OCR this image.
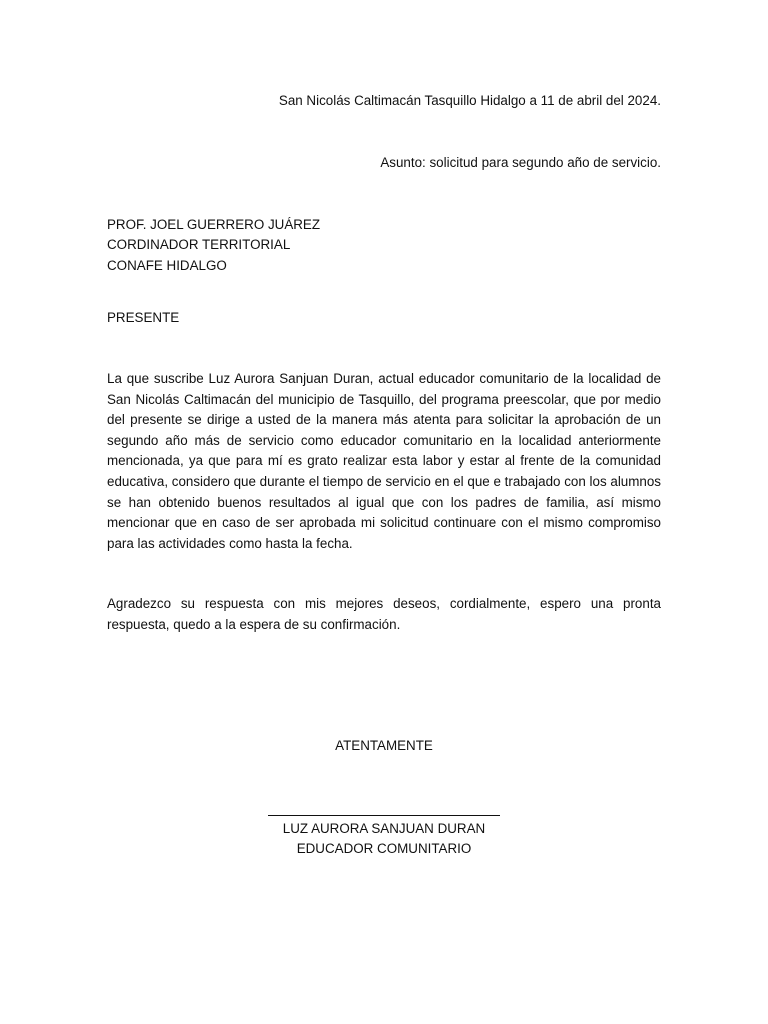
San Nicolás Caltimacán Tasquillo Hidalgo a 11 de abril del 2024.
Asunto: solicitud para segundo año de servicio.
PROF. JOEL GUERRERO JUÁREZ
CORDINADOR TERRITORIAL
CONAFE HIDALGO
PRESENTE
La que suscribe Luz Aurora Sanjuan Duran, actual educador comunitario de la localidad de San Nicolás Caltimacán del municipio de Tasquillo, del programa preescolar, que por medio del presente se dirige a usted de la manera más atenta para solicitar la aprobación de un segundo año más de servicio como educador comunitario en la localidad anteriormente mencionada, ya que para mí es grato realizar esta labor y estar al frente de la comunidad educativa, considero que durante el tiempo de servicio en el que e trabajado con los alumnos se han obtenido buenos resultados al igual que con los padres de familia, así mismo mencionar que en caso de ser aprobada mi solicitud continuare con el mismo compromiso para las actividades como hasta la fecha.
Agradezco su respuesta con mis mejores deseos, cordialmente, espero una pronta respuesta, quedo a la espera de su confirmación.
ATENTAMENTE
LUZ AURORA SANJUAN DURAN
EDUCADOR COMUNITARIO
